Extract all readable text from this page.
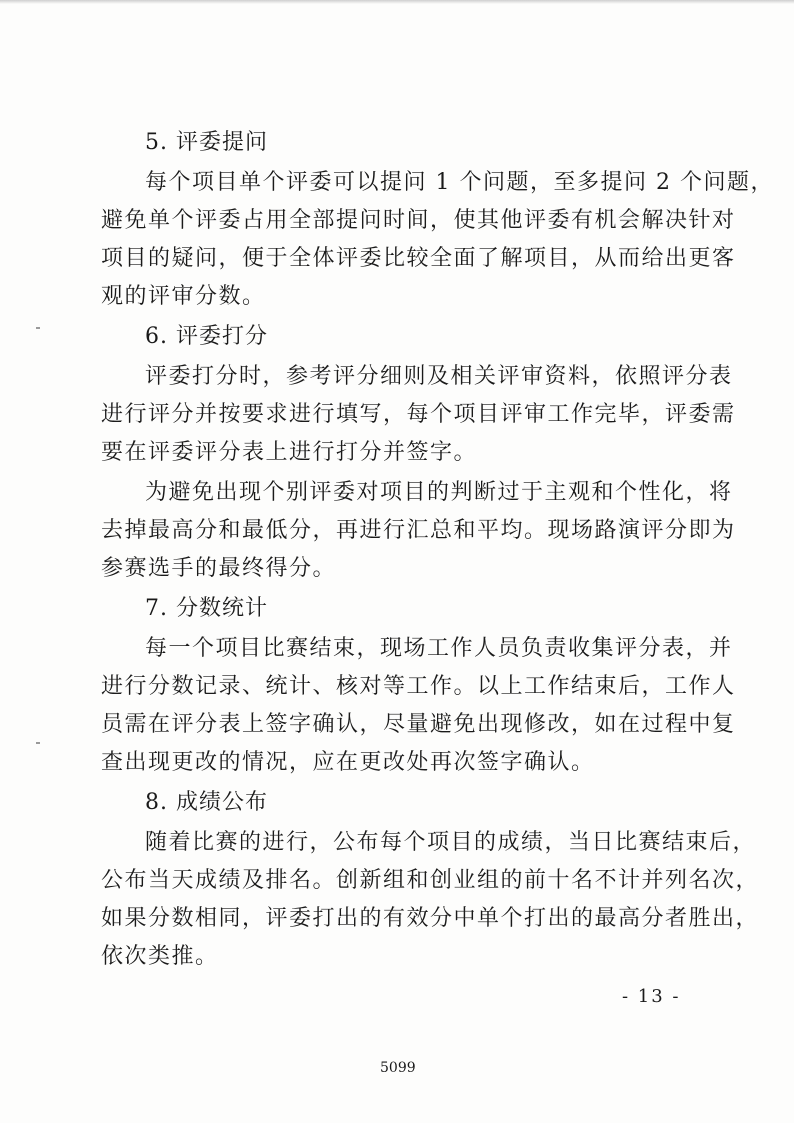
5. 评委提问
每个项目单个评委可以提问 1 个问题，至多提问 2 个问题，
避免单个评委占用全部提问时间，使其他评委有机会解决针对
项目的疑问，便于全体评委比较全面了解项目，从而给出更客
观的评审分数。
6. 评委打分
评委打分时，参考评分细则及相关评审资料，依照评分表
进行评分并按要求进行填写，每个项目评审工作完毕，评委需
要在评委评分表上进行打分并签字。
为避免出现个别评委对项目的判断过于主观和个性化，将
去掉最高分和最低分，再进行汇总和平均。现场路演评分即为
参赛选手的最终得分。
7. 分数统计
每一个项目比赛结束，现场工作人员负责收集评分表，并
进行分数记录、统计、核对等工作。以上工作结束后，工作人
员需在评分表上签字确认，尽量避免出现修改，如在过程中复
查出现更改的情况，应在更改处再次签字确认。
8. 成绩公布
随着比赛的进行，公布每个项目的成绩，当日比赛结束后，
公布当天成绩及排名。创新组和创业组的前十名不计并列名次，
如果分数相同，评委打出的有效分中单个打出的最高分者胜出，
依次类推。
- 13 -
5099
